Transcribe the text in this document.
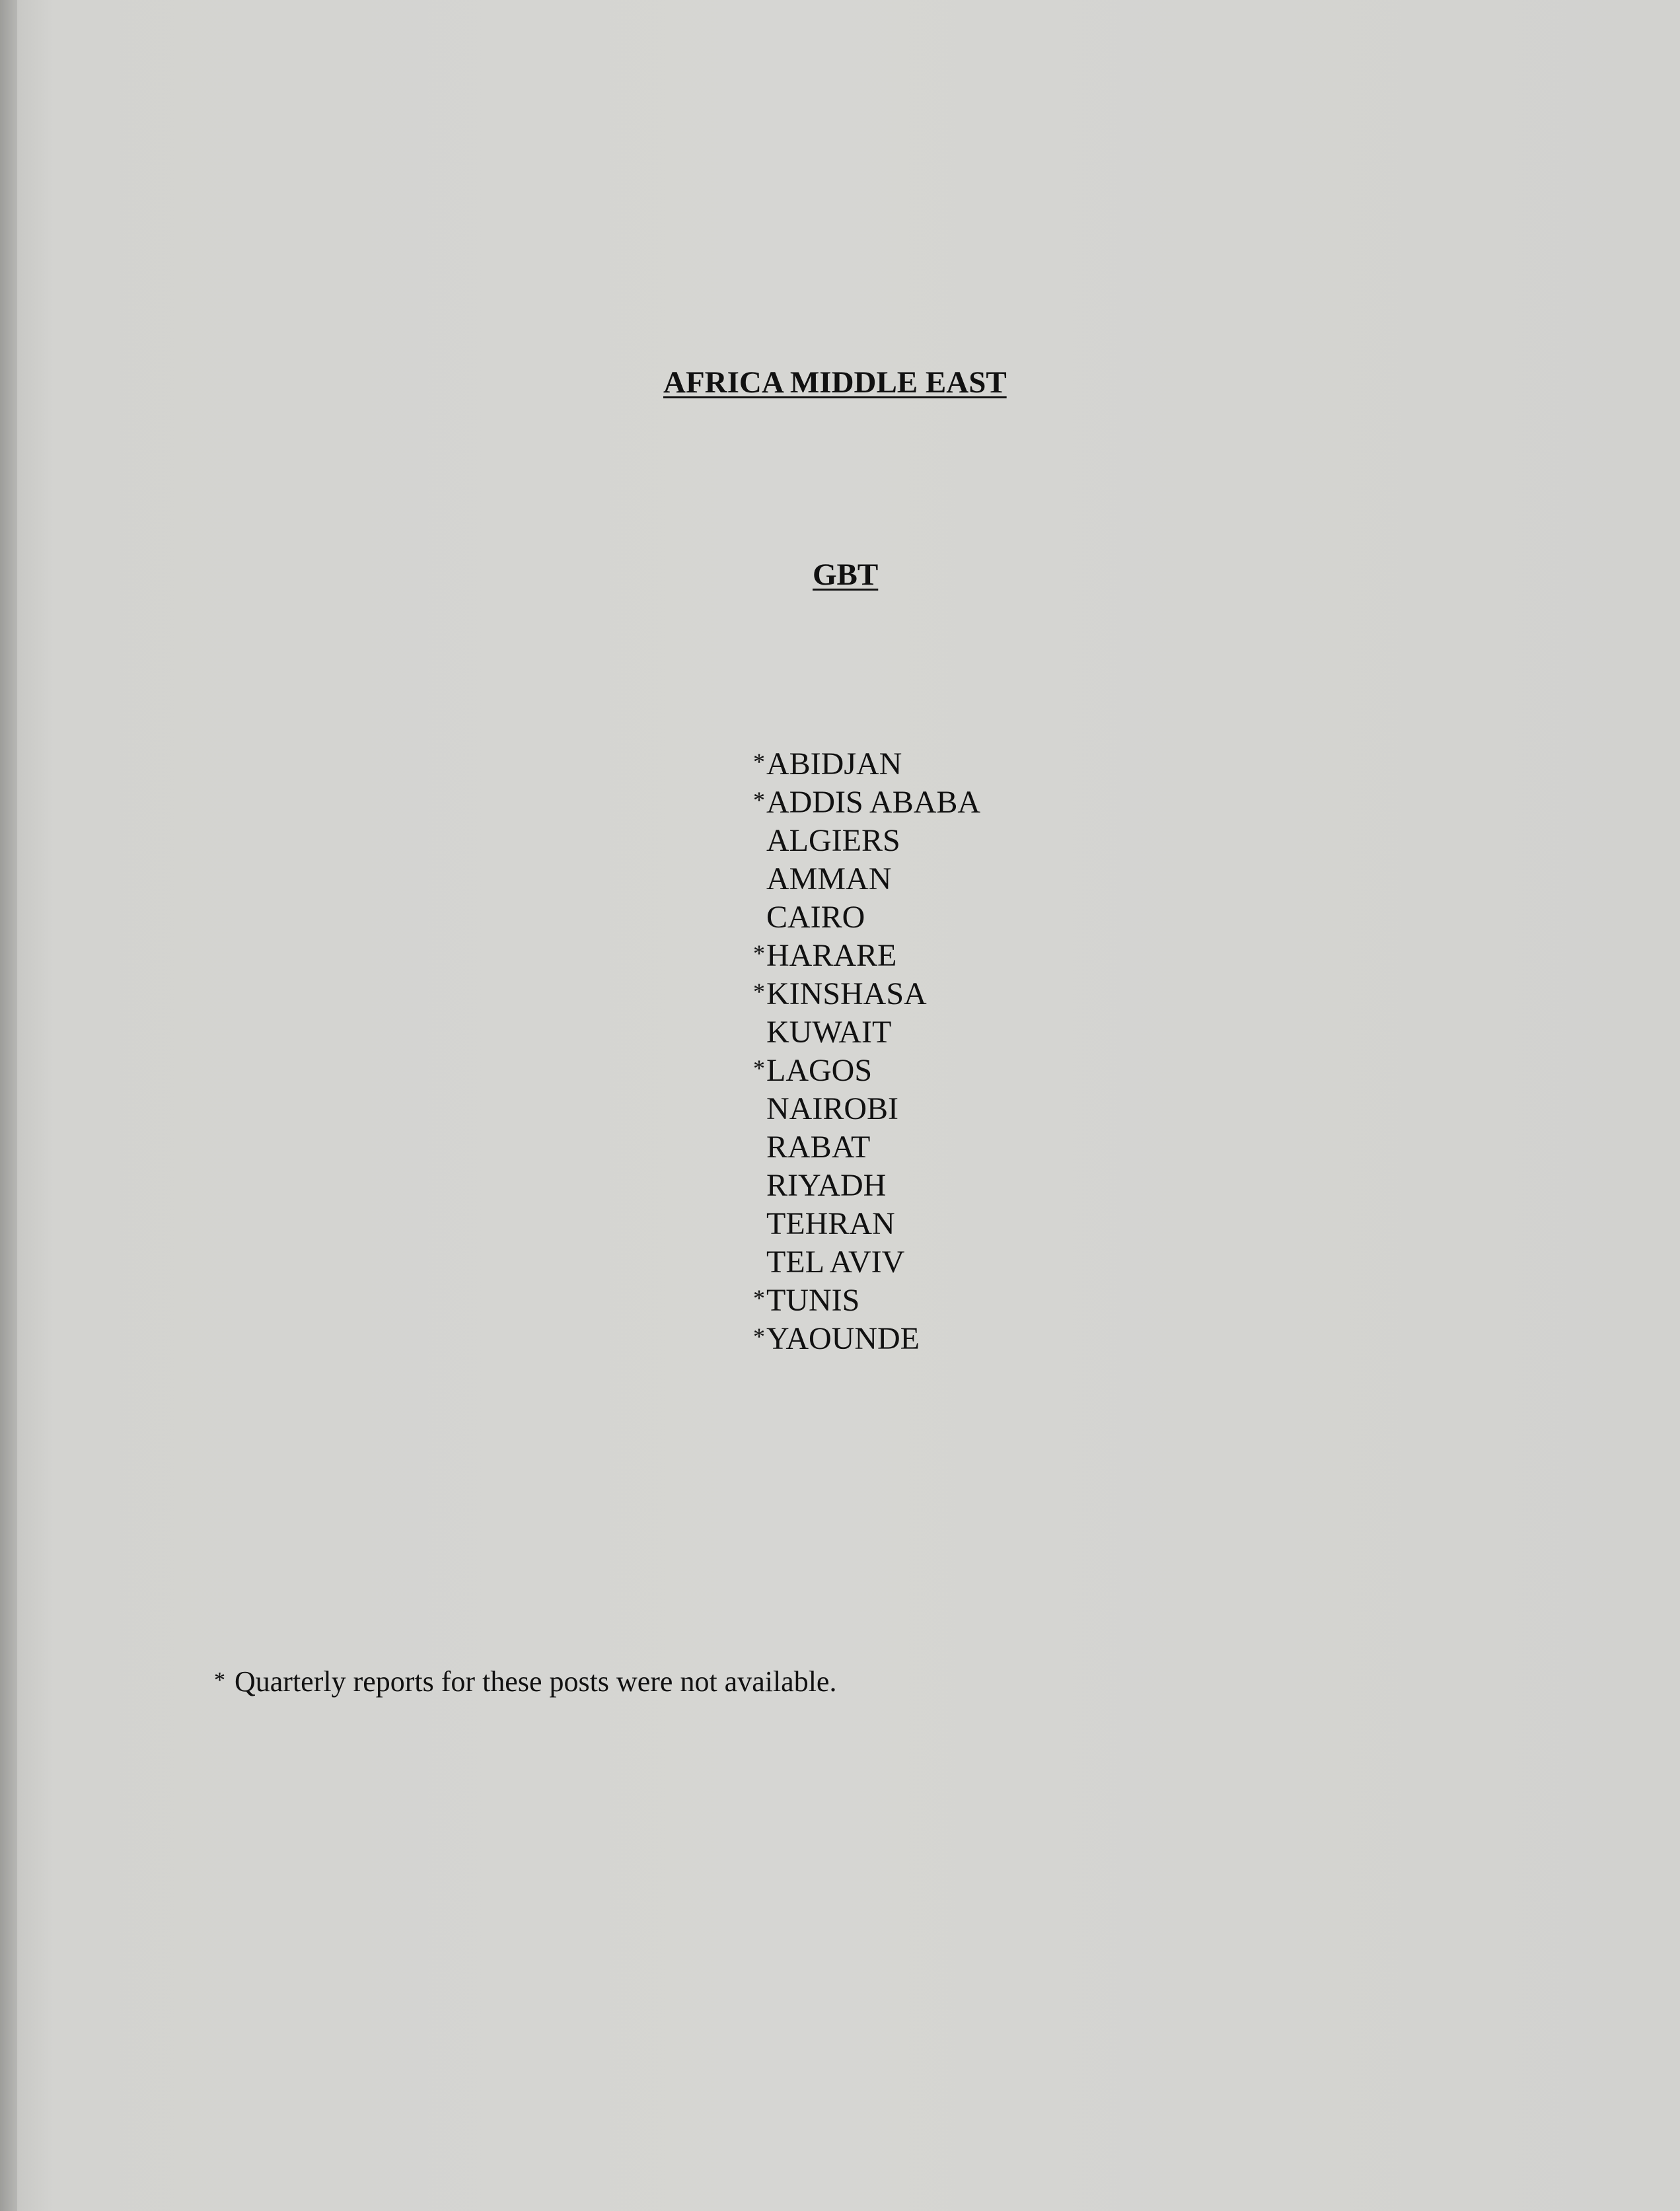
AFRICA MIDDLE EAST
GBT
* ABIDJAN
* ADDIS ABABA
ALGIERS
AMMAN
CAIRO
* HARARE
* KINSHASA
KUWAIT
* LAGOS
NAIROBI
RABAT
RIYADH
TEHRAN
TEL AVIV
* TUNIS
* YAOUNDE
* Quarterly reports for these posts were not available.
